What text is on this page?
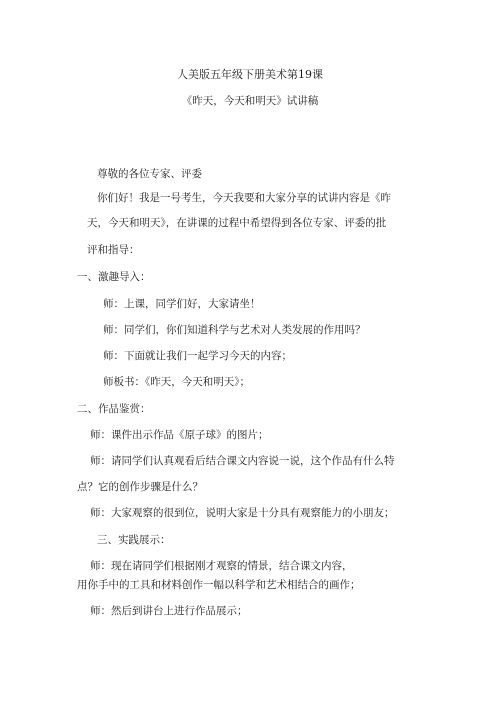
人美版五年级下册美术第19课
《昨天，今天和明天》试讲稿
尊敬的各位专家、评委
你们好！我是一号考生，今天我要和大家分享的试讲内容是《昨
天，今天和明天》，在讲课的过程中希望得到各位专家、评委的批
评和指导：
一、激趣导入：
师：上课，同学们好，大家请坐！
师：同学们，你们知道科学与艺术对人类发展的作用吗？
师：下面就让我们一起学习今天的内容；
师板书：《昨天，今天和明天》；
二、作品鉴赏：
师：课件出示作品《原子球》的图片；
师：请同学们认真观看后结合课文内容说一说，这个作品有什么特
点？它的创作步骤是什么？
师：大家观察的很到位，说明大家是十分具有观察能力的小朋友；
三、实践展示：
师：现在请同学们根据刚才观察的情景，结合课文内容，
用你手中的工具和材料创作一幅以科学和艺术相结合的画作；
师：然后到讲台上进行作品展示；
